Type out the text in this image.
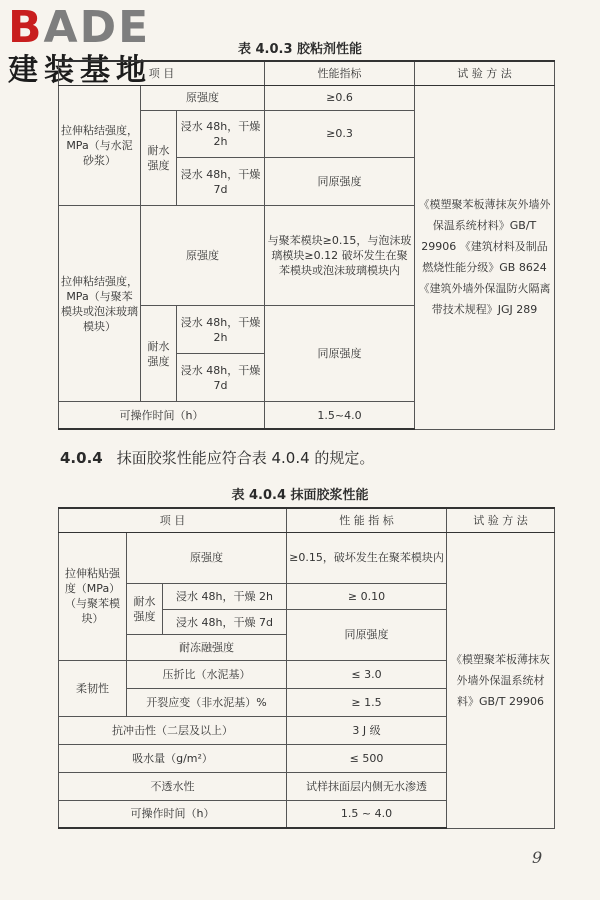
BADE
建装基地
表 4.0.3 胶粘剂性能
项 目			性能指标	试 验 方 法
拉伸粘结强度，MPa（与水泥砂浆）	原强度		≥0.6	《模塑聚苯板薄抹灰外墙外保温系统材料》GB/T 29906 《建筑材料及制品燃烧性能分级》GB 8624 《建筑外墙外保温防火隔离带技术规程》JGJ 289
	耐水强度	浸水 48h，干燥 2h	≥0.3	
		浸水 48h，干燥 7d	同原强度	
拉伸粘结强度，MPa（与聚苯模块或泡沫玻璃模块）	原强度		与聚苯模块≥0.15，与泡沫玻璃模块≥0.12 破坏发生在聚苯模块或泡沫玻璃模块内	
	耐水强度	浸水 48h，干燥 2h	同原强度	
		浸水 48h，干燥 7d		
可操作时间（h）			1.5~4.0	
4.0.4 抹面胶浆性能应符合表 4.0.4 的规定。
表 4.0.4 抹面胶浆性能
项 目			性 能 指 标	试 验 方 法
拉伸粘贴强度（MPa）（与聚苯模块）	原强度		≥0.15，破坏发生在聚苯模块内	《模塑聚苯板薄抹灰外墙外保温系统材料》GB/T 29906
	耐水强度	浸水 48h，干燥 2h	≥ 0.10	
		浸水 48h，干燥 7d	同原强度	
	耐冻融强度			
柔韧性	压折比（水泥基）		≤ 3.0	
	开裂应变（非水泥基）%		≥ 1.5	
抗冲击性（二层及以上）			3 J 级	
吸水量（g/m²）			≤ 500	
不透水性			试样抹面层内侧无水渗透	
可操作时间（h）			1.5 ~ 4.0	
9
